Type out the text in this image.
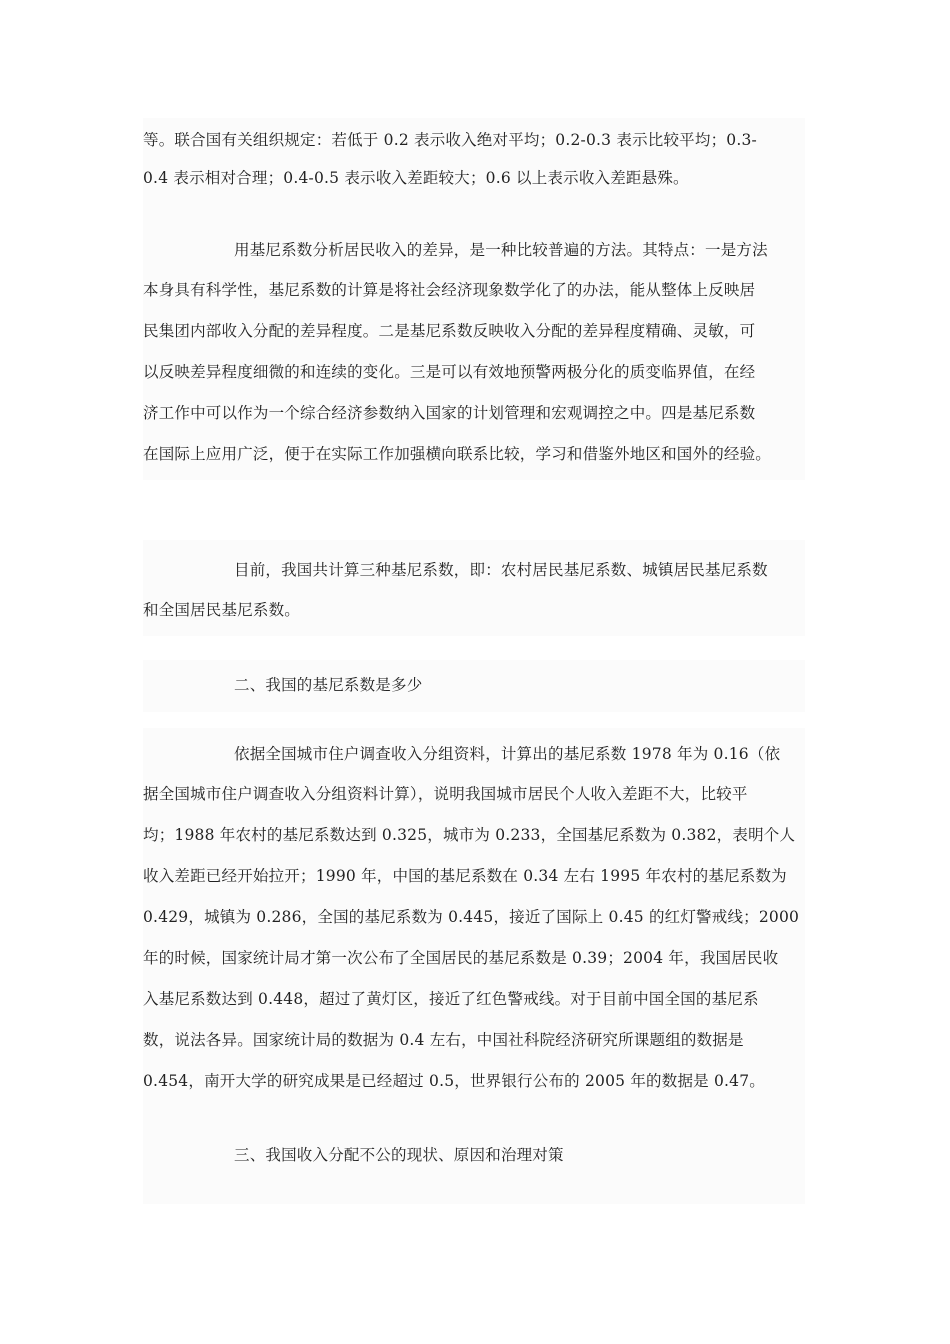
等。联合国有关组织规定：若低于 0.2 表示收入绝对平均；0.2-0.3 表示比较平均；0.3-
0.4 表示相对合理；0.4-0.5 表示收入差距较大；0.6 以上表示收入差距悬殊。
用基尼系数分析居民收入的差异，是一种比较普遍的方法。其特点：一是方法
本身具有科学性，基尼系数的计算是将社会经济现象数学化了的办法，能从整体上反映居
民集团内部收入分配的差异程度。二是基尼系数反映收入分配的差异程度精确、灵敏，可
以反映差异程度细微的和连续的变化。三是可以有效地预警两极分化的质变临界值，在经
济工作中可以作为一个综合经济参数纳入国家的计划管理和宏观调控之中。四是基尼系数
在国际上应用广泛，便于在实际工作加强横向联系比较，学习和借鉴外地区和国外的经验。
目前，我国共计算三种基尼系数，即：农村居民基尼系数、城镇居民基尼系数
和全国居民基尼系数。
二、我国的基尼系数是多少
依据全国城市住户调查收入分组资料，计算出的基尼系数 1978 年为 0.16（依
据全国城市住户调查收入分组资料计算），说明我国城市居民个人收入差距不大，比较平
均；1988 年农村的基尼系数达到 0.325，城市为 0.233，全国基尼系数为 0.382，表明个人
收入差距已经开始拉开；1990 年，中国的基尼系数在 0.34 左右 1995 年农村的基尼系数为
0.429，城镇为 0.286，全国的基尼系数为 0.445，接近了国际上 0.45 的红灯警戒线；2000
年的时候，国家统计局才第一次公布了全国居民的基尼系数是 0.39；2004 年，我国居民收
入基尼系数达到 0.448，超过了黄灯区，接近了红色警戒线。对于目前中国全国的基尼系
数，说法各异。国家统计局的数据为 0.4 左右，中国社科院经济研究所课题组的数据是
0.454，南开大学的研究成果是已经超过 0.5，世界银行公布的 2005 年的数据是 0.47。
三、我国收入分配不公的现状、原因和治理对策
